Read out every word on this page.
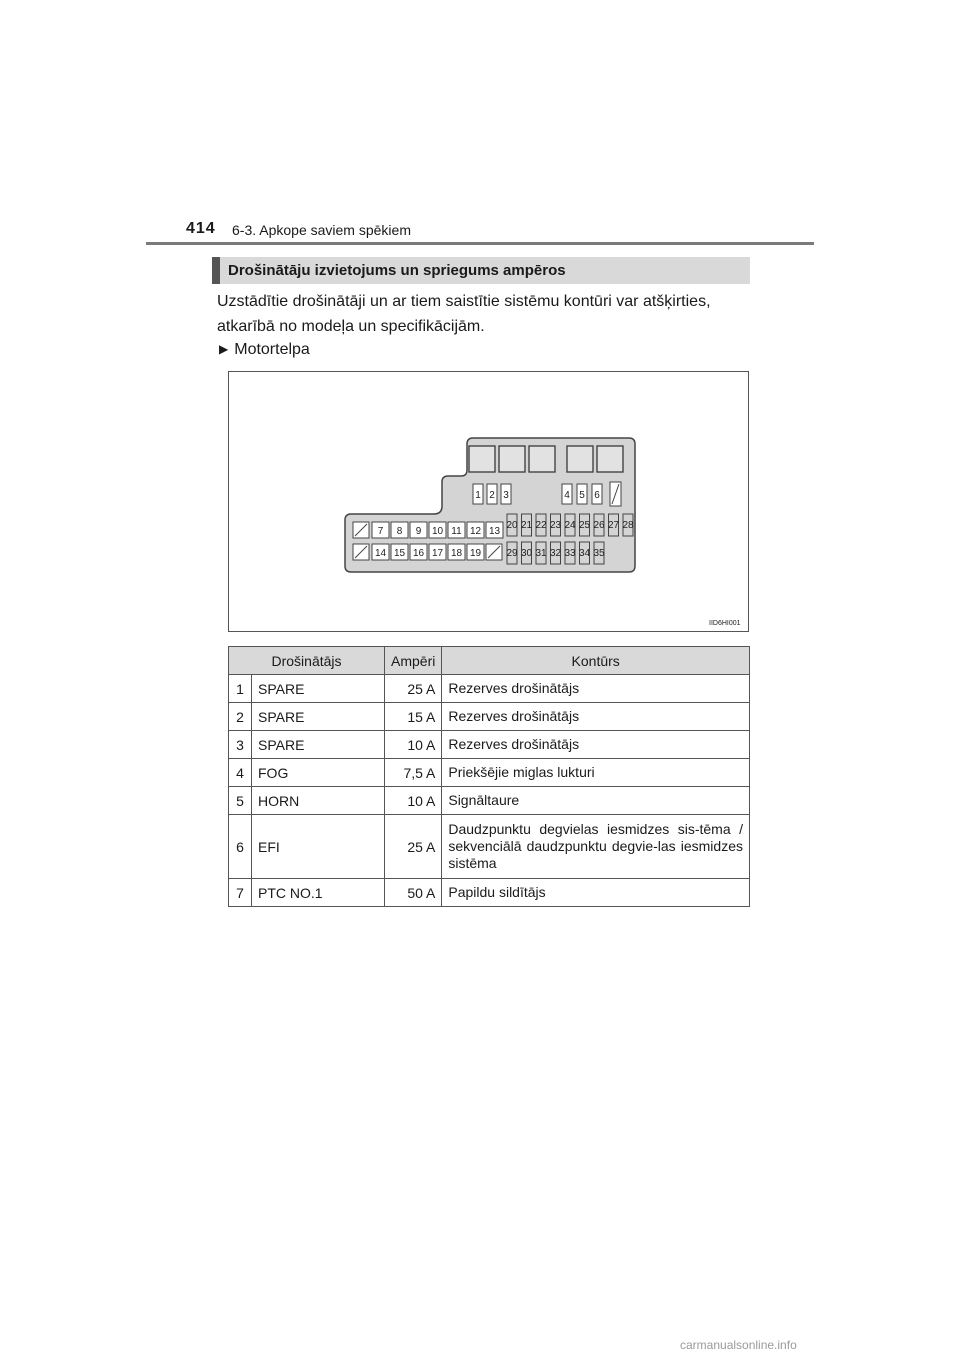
414 6-3. Apkope saviem spēkiem
Drošinātāju izvietojums un spriegums ampēros
Uzstādītie drošinātāji un ar tiem saistītie sistēmu kontūri var atšķirties, atkarībā no modeļa un specifikācijām.
▶ Motortelpa
1 2 3	4 5 6
7 8 9 10 11 12 13
14 15 16 17 18 19
20 21 22 23 24 25 26 27 28
29 30 31 32 33 34 35
IID6HI001
Drošinātājs		Ampēri	Kontūrs
1	SPARE	25 A	Rezerves drošinātājs
2	SPARE	15 A	Rezerves drošinātājs
3	SPARE	10 A	Rezerves drošinātājs
4	FOG	7,5 A	Priekšējie miglas lukturi
5	HORN	10 A	Signāltaure
6	EFI	25 A	Daudzpunktu degvielas iesmidzes sis-tēma / sekvenciālā daudzpunktu degvie-las iesmidzes sistēma
7	PTC NO.1	50 A	Papildu sildītājs
carmanualsonline.info
